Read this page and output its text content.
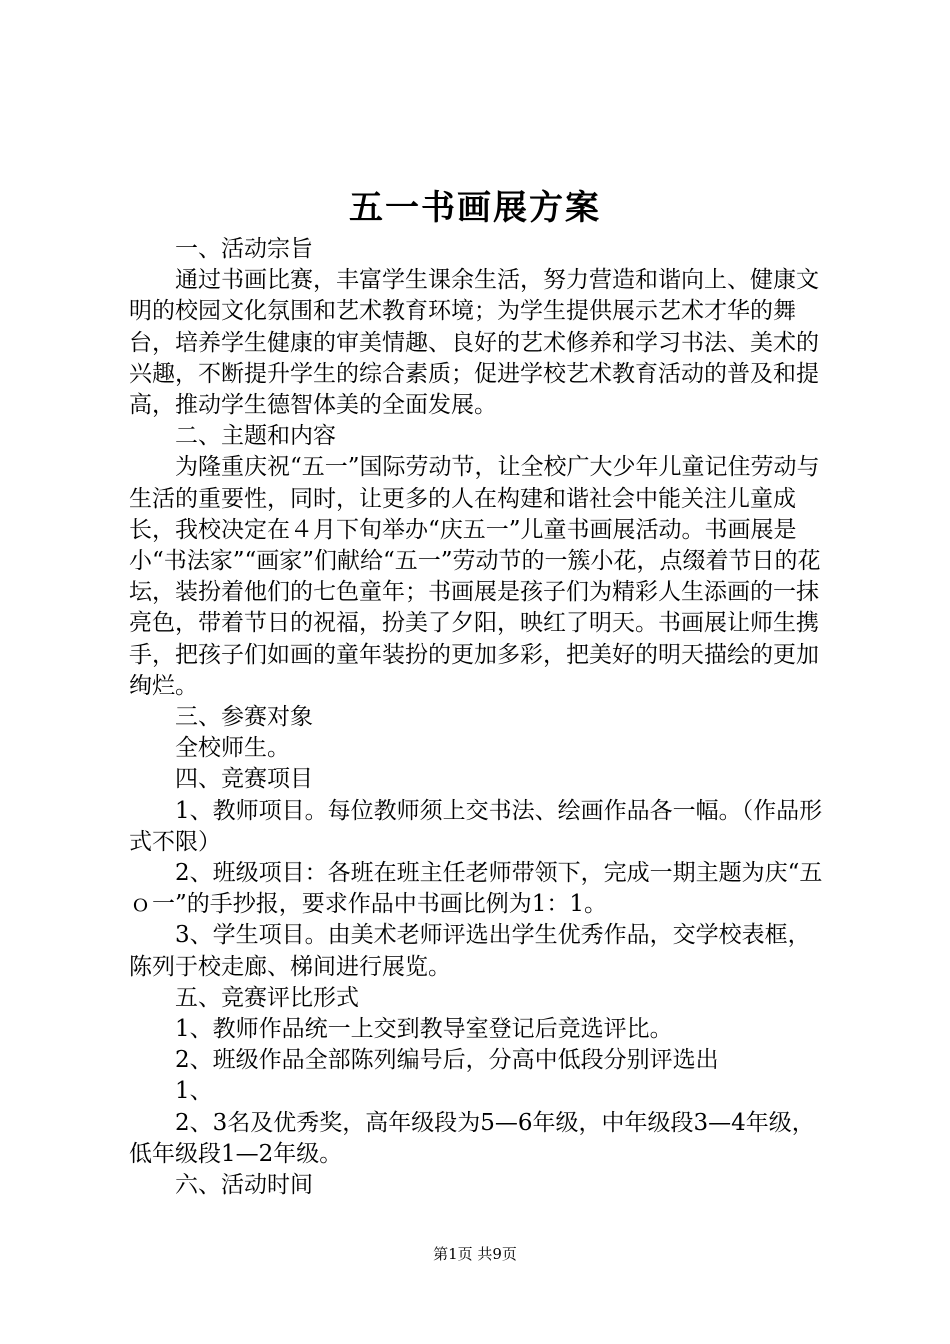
五一书画展方案

一、活动宗旨

通过书画比赛，丰富学生课余生活，努力营造和谐向上、健康文明的校园文化氛围和艺术教育环境；为学生提供展示艺术才华的舞台，培养学生健康的审美情趣、良好的艺术修养和学习书法、美术的兴趣，不断提升学生的综合素质；促进学校艺术教育活动的普及和提高，推动学生德智体美的全面发展。

二、主题和内容

为隆重庆祝“五一”国际劳动节，让全校广大少年儿童记住劳动与生活的重要性，同时，让更多的人在构建和谐社会中能关注儿童成长，我校决定在４月下旬举办“庆五一”儿童书画展活动。书画展是小“书法家”“画家”们献给“五一”劳动节的一簇小花，点缀着节日的花坛，装扮着他们的七色童年；书画展是孩子们为精彩人生添画的一抹亮色，带着节日的祝福，扮美了夕阳，映红了明天。书画展让师生携手，把孩子们如画的童年装扮的更加多彩，把美好的明天描绘的更加绚烂。

三、参赛对象

全校师生。

四、竞赛项目

1、教师项目。每位教师须上交书法、绘画作品各一幅。（作品形式不限）

2、班级项目：各班在班主任老师带领下，完成一期主题为庆“五ｏ一”的手抄报，要求作品中书画比例为1：1。

3、学生项目。由美术老师评选出学生优秀作品，交学校表框，陈列于校走廊、梯间进行展览。

五、竞赛评比形式

1、教师作品统一上交到教导室登记后竞选评比。

2、班级作品全部陈列编号后，分高中低段分别评选出

1、

2、3名及优秀奖，高年级段为5—6年级，中年级段3—4年级，低年级段1—2年级。

六、活动时间

第1页 共9页
